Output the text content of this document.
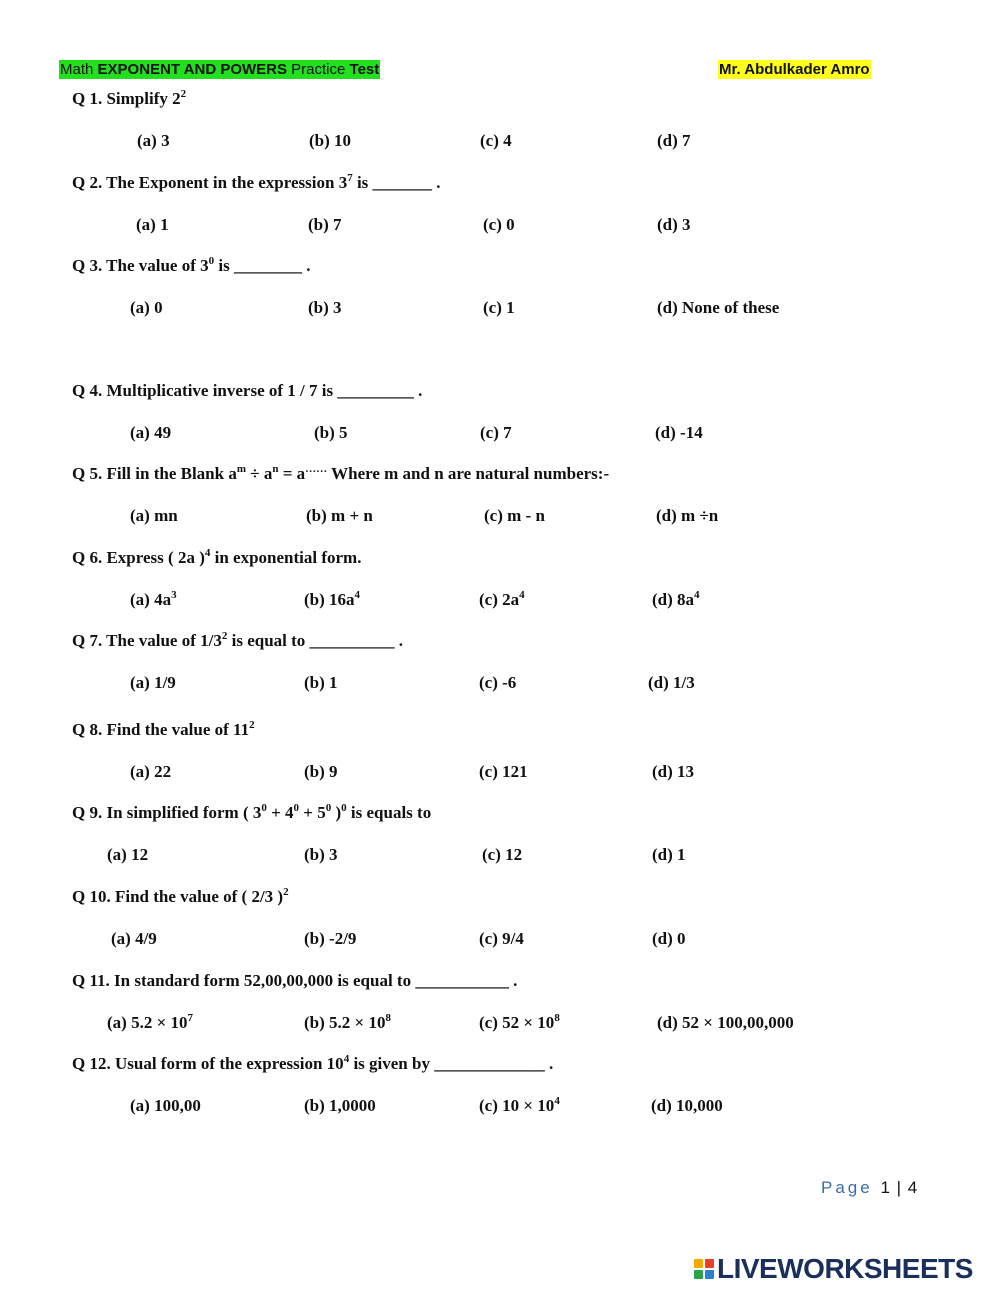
Math EXPONENT AND POWERS Practice Test	Mr. Abdulkader Amro
Q 1. Simplify $2^2$
(a) 3	(b) 10	(c) 4	(d) 7
Q 2. The Exponent in the expression $3^7$ is _______ .
(a) 1	(b) 7	(c) 0	(d) 3
Q 3. The value of $3^0$ is ________ .
(a) 0	(b) 3	(c) 1	(d) None of these
Q 4. Multiplicative inverse of 1 / 7 is _________ .
(a) 49	(b) 5	(c) 7	(d) -14
Q 5. Fill in the Blank $a^m \div a^n = a^{\dots\dots}$ Where m and n are natural numbers:-
(a) mn	(b) m + n	(c) m - n	(d) m ÷n
Q 6. Express ( 2a )$^4$ in exponential form.
(a) $4a^3$	(b) $16a^4$	(c) $2a^4$	(d) $8a^4$
Q 7. The value of $1/3^2$ is equal to __________ .
(a) 1/9	(b) 1	(c) -6	(d) 1/3
Q 8. Find the value of $11^2$
(a) 22	(b) 9	(c) 121	(d) 13
Q 9. In simplified form ( $3^0 + 4^0 + 5^0$ )$^0$ is equals to
(a) 12	(b) 3	(c) 12	(d) 1
Q 10. Find the value of ( 2/3 )$^2$
(a) 4/9	(b) -2/9	(c) 9/4	(d) 0
Q 11. In standard form 52,00,00,000 is equal to ___________ .
(a) $5.2 \times 10^7$	(b) $5.2 \times 10^8$	(c) $52 \times 10^8$	(d) 52 × 100,00,000
Q 12. Usual form of the expression $10^4$ is given by _____________ .
(a) 100,00	(b) 1,0000	(c) $10 \times 10^4$	(d) 10,000
Page 1 | 4
LIVEWORKSHEETS
